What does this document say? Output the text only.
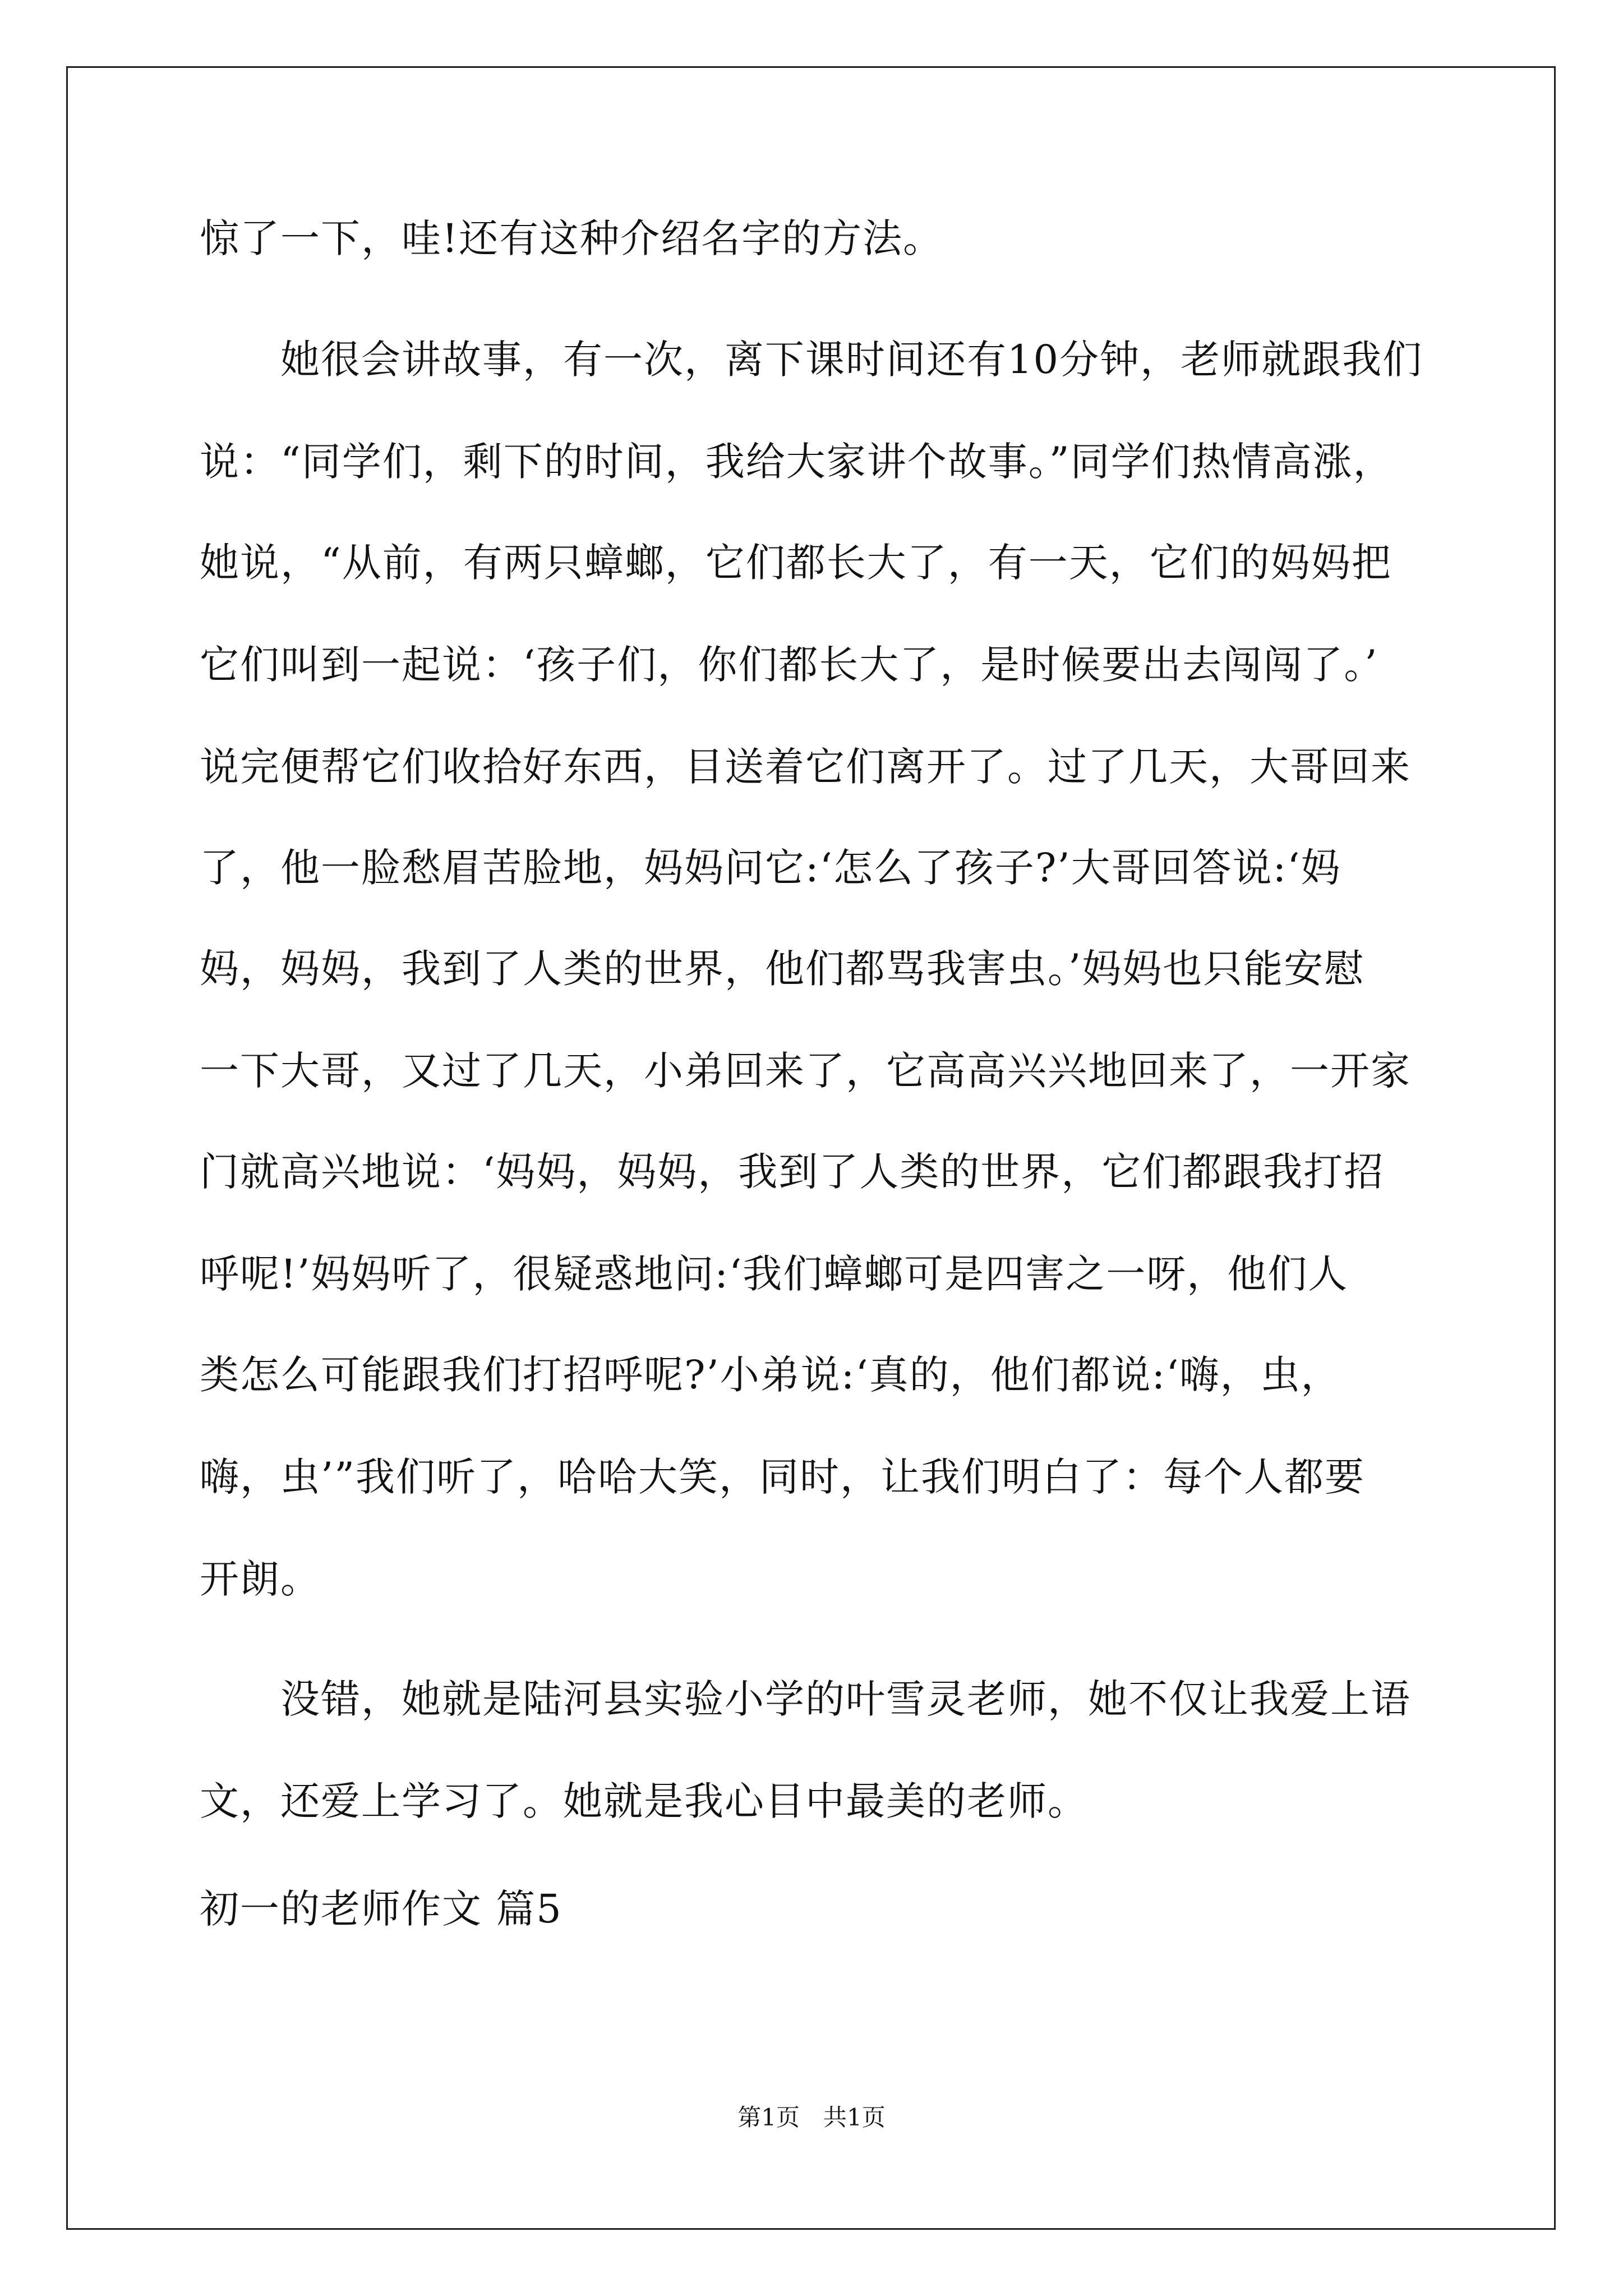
惊了一下，哇!还有这种介绍名字的方法。
她很会讲故事，有一次，离下课时间还有10分钟，老师就跟我们
说：“同学们，剩下的时间，我给大家讲个故事。”同学们热情高涨，
她说，“从前，有两只蟑螂，它们都长大了，有一天，它们的妈妈把
它们叫到一起说：‘孩子们，你们都长大了，是时候要出去闯闯了。’
说完便帮它们收拾好东西，目送着它们离开了。过了几天，大哥回来
了，他一脸愁眉苦脸地，妈妈问它:‘怎么了孩子?’大哥回答说:‘妈
妈，妈妈，我到了人类的世界，他们都骂我害虫。’妈妈也只能安慰
一下大哥，又过了几天，小弟回来了，它高高兴兴地回来了，一开家
门就高兴地说：‘妈妈，妈妈，我到了人类的世界，它们都跟我打招
呼呢!’妈妈听了，很疑惑地问:‘我们蟑螂可是四害之一呀，他们人
类怎么可能跟我们打招呼呢?’小弟说:‘真的，他们都说:‘嗨，虫，
嗨，虫’”我们听了，哈哈大笑，同时，让我们明白了：每个人都要
开朗。
没错，她就是陆河县实验小学的叶雪灵老师，她不仅让我爱上语
文，还爱上学习了。她就是我心目中最美的老师。
初一的老师作文 篇5
第1页　共1页
